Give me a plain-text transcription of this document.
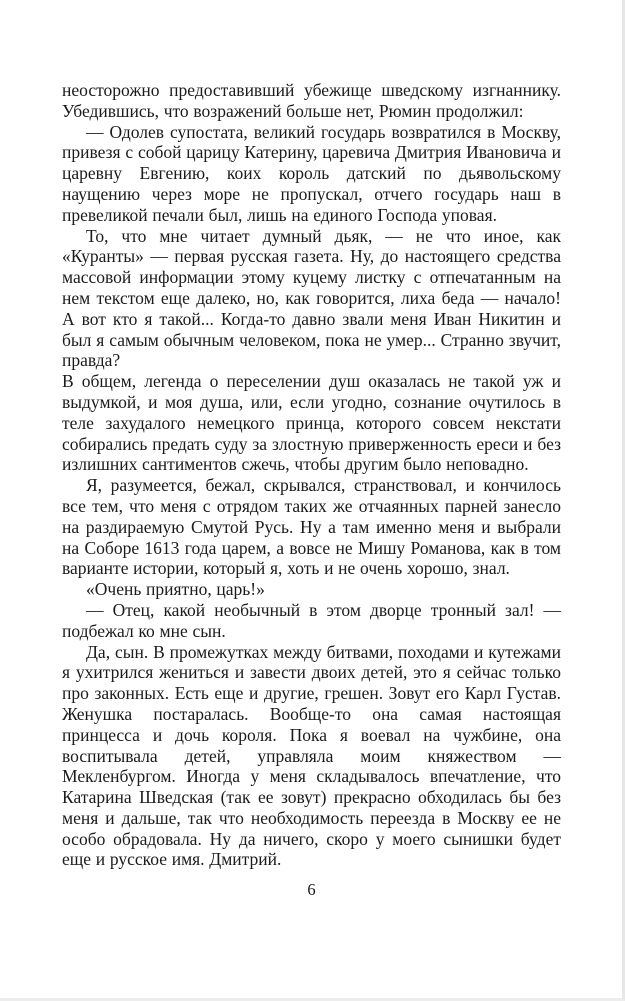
неосторожно предоставивший убежище шведскому изгнаннику. Убедившись, что возражений больше нет, Рюмин продолжил:

— Одолев супостата, великий государь возвратился в Москву, привезя с собой царицу Катерину, царевича Дмитрия Ивановича и царевну Евгению, коих король датский по дьявольскому наущению через море не пропускал, отчего государь наш в превеликой печали был, лишь на единого Господа уповая.

То, что мне читает думный дьяк, — не что иное, как «Куранты» — первая русская газета. Ну, до настоящего средства массовой информации этому куцему листку с отпечатанным на нем текстом еще далеко, но, как говорится, лиха беда — начало! А вот кто я такой... Когда-то давно звали меня Иван Никитин и был я самым обычным человеком, пока не умер... Странно звучит, правда?

В общем, легенда о переселении душ оказалась не такой уж и выдумкой, и моя душа, или, если угодно, сознание очутилось в теле захудалого немецкого принца, которого совсем некстати собирались предать суду за злостную приверженность ереси и без излишних сантиментов сжечь, чтобы другим было неповадно.

Я, разумеется, бежал, скрывался, странствовал, и кончилось все тем, что меня с отрядом таких же отчаянных парней занесло на раздираемую Смутой Русь. Ну а там именно меня и выбрали на Соборе 1613 года царем, а вовсе не Мишу Романова, как в том варианте истории, который я, хоть и не очень хорошо, знал.

«Очень приятно, царь!»

— Отец, какой необычный в этом дворце тронный зал! — подбежал ко мне сын.

Да, сын. В промежутках между битвами, походами и кутежами я ухитрился жениться и завести двоих детей, это я сейчас только про законных. Есть еще и другие, грешен. Зовут его Карл Густав. Женушка постаралась. Вообще-то она самая настоящая принцесса и дочь короля. Пока я воевал на чужбине, она воспитывала детей, управляла моим княжеством — Мекленбургом. Иногда у меня складывалось впечатление, что Катарина Шведская (так ее зовут) прекрасно обходилась бы без меня и дальше, так что необходимость переезда в Москву ее не особо обрадовала. Ну да ничего, скоро у моего сынишки будет еще и русское имя. Дмитрий.

6
